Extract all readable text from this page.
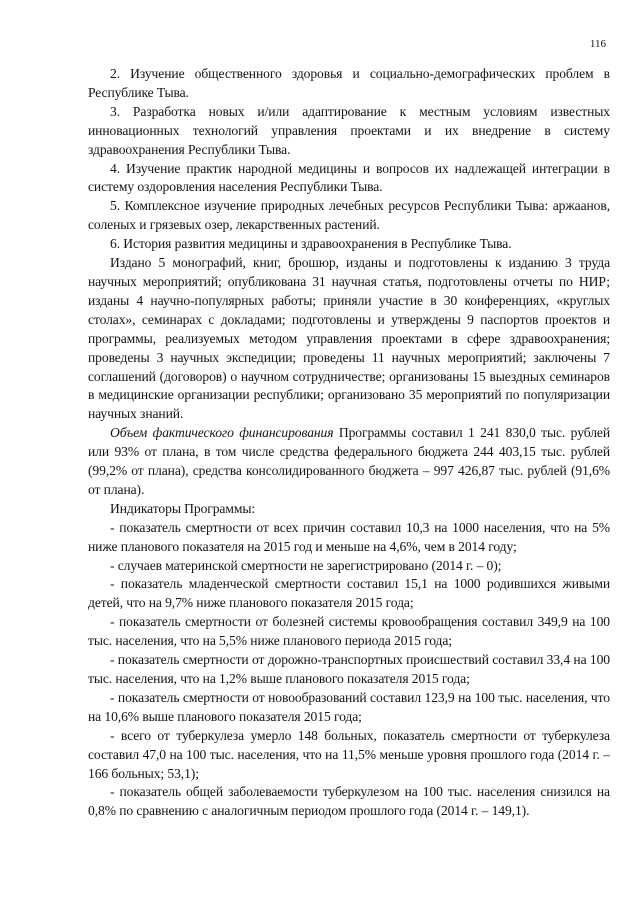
116

2. Изучение общественного здоровья и социально-демографических проблем в Республике Тыва.

3. Разработка новых и/или адаптирование к местным условиям известных инновационных технологий управления проектами и их внедрение в систему здравоохранения Республики Тыва.

4. Изучение практик народной медицины и вопросов их надлежащей интеграции в систему оздоровления населения Республики Тыва.

5. Комплексное изучение природных лечебных ресурсов Республики Тыва: аржаанов, соленых и грязевых озер, лекарственных растений.

6. История развития медицины и здравоохранения в Республике Тыва.

Издано 5 монографий, книг, брошюр, изданы и подготовлены к изданию 3 труда научных мероприятий; опубликована 31 научная статья, подготовлены отчеты по НИР; изданы 4 научно-популярных работы; приняли участие в 30 конференциях, «круглых столах», семинарах с докладами; подготовлены и утверждены 9 паспортов проектов и программы, реализуемых методом управления проектами в сфере здравоохранения; проведены 3 научных экспедиции; проведены 11 научных мероприятий; заключены 7 соглашений (договоров) о научном сотрудничестве; организованы 15 выездных семинаров в медицинские организации республики; организовано 35 мероприятий по популяризации научных знаний.

Объем фактического финансирования Программы составил 1 241 830,0 тыс. рублей или 93% от плана, в том числе средства федерального бюджета 244 403,15 тыс. рублей (99,2% от плана), средства консолидированного бюджета – 997 426,87 тыс. рублей (91,6% от плана).

Индикаторы Программы:

- показатель смертности от всех причин составил 10,3 на 1000 населения, что на 5% ниже планового показателя на 2015 год и меньше на 4,6%, чем в 2014 году;

- случаев материнской смертности не зарегистрировано (2014 г. – 0);

- показатель младенческой смертности составил 15,1 на 1000 родившихся живыми детей, что на 9,7% ниже планового показателя 2015 года;

- показатель смертности от болезней системы кровообращения составил 349,9 на 100 тыс. населения, что на 5,5% ниже планового периода 2015 года;

- показатель смертности от дорожно-транспортных происшествий составил 33,4 на 100 тыс. населения, что на 1,2% выше планового показателя 2015 года;

- показатель смертности от новообразований составил 123,9 на 100 тыс. населения, что на 10,6% выше планового показателя 2015 года;

- всего от туберкулеза умерло 148 больных, показатель смертности от туберкулеза составил 47,0 на 100 тыс. населения, что на 11,5% меньше уровня прошлого года (2014 г. – 166 больных; 53,1);

- показатель общей заболеваемости туберкулезом на 100 тыс. населения снизился на 0,8% по сравнению с аналогичным периодом прошлого года (2014 г. – 149,1).
